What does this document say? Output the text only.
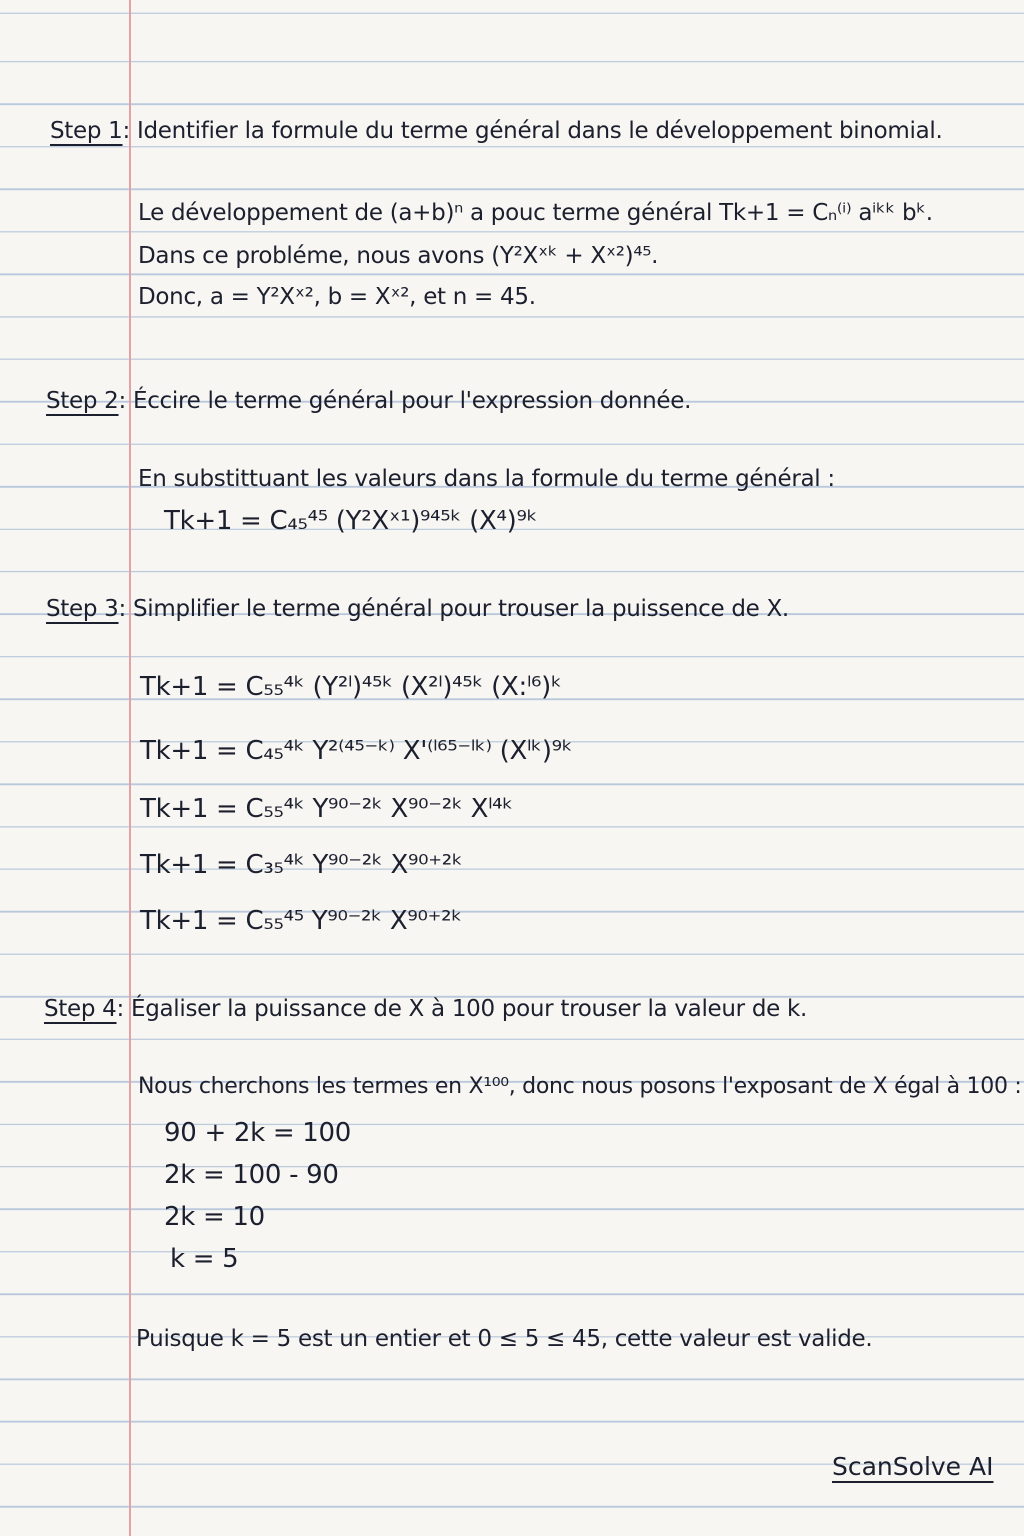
Step 1: Identifier la formule du terme général dans le développement binomial.
Le développement de (a+b)ⁿ a pouc terme général Tk+1 = Cₙ⁽ⁱ⁾ aⁱᵏᵏ bᵏ.
Dans ce probléme, nous avons (Y²Xˣᵏ + Xˣ²)⁴⁵.
Donc, a = Y²Xˣ², b = Xˣ², et n = 45.
Step 2: Éccire le terme général pour l'expression donnée.
En substittuant les valeurs dans la formule du terme général :
Tk+1 = C₄₅⁴⁵ (Y²Xˣ¹)⁹⁴⁵ᵏ (X⁴)⁹ᵏ
Step 3: Simplifier le terme général pour trouser la puissence de X.
Tk+1 = C₅₅⁴ᵏ (Y²ˡ)⁴⁵ᵏ (X²ˡ)⁴⁵ᵏ (X:ˡ⁶)ᵏ
Tk+1 = C₄₅⁴ᵏ Y²⁽⁴⁵⁻ᵏ⁾ X'⁽ˡ⁶⁵⁻ˡᵏ⁾ (Xˡᵏ)⁹ᵏ
Tk+1 = C₅₅⁴ᵏ Y⁹⁰⁻²ᵏ X⁹⁰⁻²ᵏ Xˡ⁴ᵏ
Tk+1 = C₃₅⁴ᵏ Y⁹⁰⁻²ᵏ X⁹⁰⁺²ᵏ
Tk+1 = C₅₅⁴⁵ Y⁹⁰⁻²ᵏ X⁹⁰⁺²ᵏ
Step 4: Égaliser la puissance de X à 100 pour trouser la valeur de k.
Nous cherchons les termes en X¹⁰⁰, donc nous posons l'exposant de X égal à 100 :
90 + 2k = 100
2k = 100 - 90
2k = 10
k = 5
Puisque k = 5 est un entier et 0 ≤ 5 ≤ 45, cette valeur est valide.
ScanSolve AI
